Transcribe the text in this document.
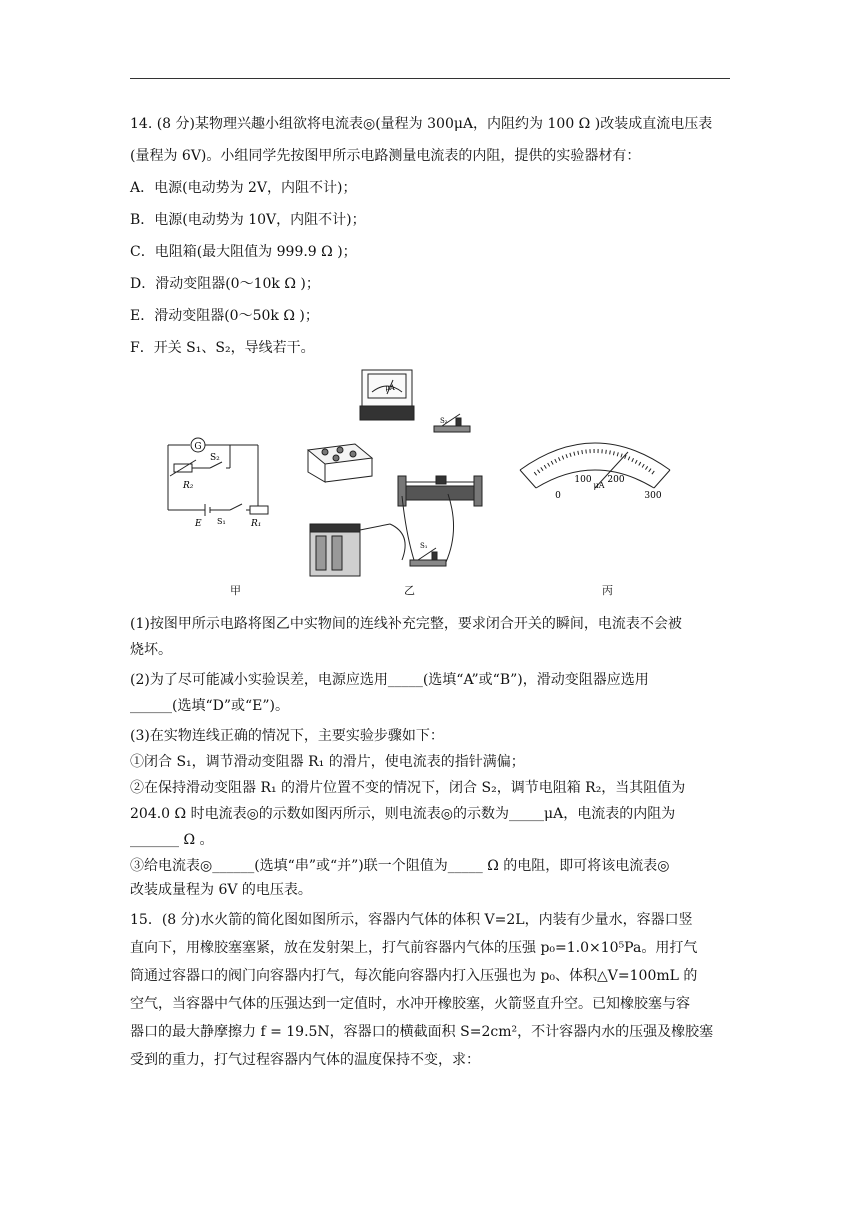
14. (8 分)某物理兴趣小组欲将电流表◎(量程为 300μA，内阻约为 100 Ω )改装成直流电压表
(量程为 6V)。小组同学先按图甲所示电路测量电流表的内阻，提供的实验器材有：
A．电源(电动势为 2V，内阻不计)；
B．电源(电动势为 10V，内阻不计)；
C．电阻箱(最大阻值为 999.9 Ω )；
D．滑动变阻器(0～10k Ω )；
E．滑动变阻器(0～50k Ω )；
F．开关 S₁、S₂，导线若干。
G
R₂
S₂
E S₁	R₁
μA
S₂
S₁
0
100 200
300
μA
甲	乙	丙
(1)按图甲所示电路将图乙中实物间的连线补充完整，要求闭合开关的瞬间，电流表不会被
烧坏。
(2)为了尽可能减小实验误差，电源应选用_____(选填“A”或“B”)，滑动变阻器应选用
______(选填“D”或“E”)。
(3)在实物连线正确的情况下，主要实验步骤如下：
①闭合 S₁，调节滑动变阻器 R₁ 的滑片，使电流表的指针满偏；
②在保持滑动变阻器 R₁ 的滑片位置不变的情况下，闭合 S₂，调节电阻箱 R₂，当其阻值为
204.0 Ω 时电流表◎的示数如图丙所示，则电流表◎的示数为_____μA，电流表的内阻为
_______ Ω 。
③给电流表◎______(选填“串”或“并”)联一个阻值为_____ Ω 的电阻，即可将该电流表◎
改装成量程为 6V 的电压表。
15．(8 分)水火箭的简化图如图所示，容器内气体的体积 V=2L，内装有少量水，容器口竖
直向下，用橡胶塞塞紧，放在发射架上，打气前容器内气体的压强 p₀=1.0×10⁵Pa。用打气
筒通过容器口的阀门向容器内打气，每次能向容器内打入压强也为 p₀、体积△V=100mL 的
空气，当容器中气体的压强达到一定值时，水冲开橡胶塞，火箭竖直升空。已知橡胶塞与容
器口的最大静摩擦力 f = 19.5N，容器口的横截面积 S=2cm²，不计容器内水的压强及橡胶塞
受到的重力，打气过程容器内气体的温度保持不变，求：
